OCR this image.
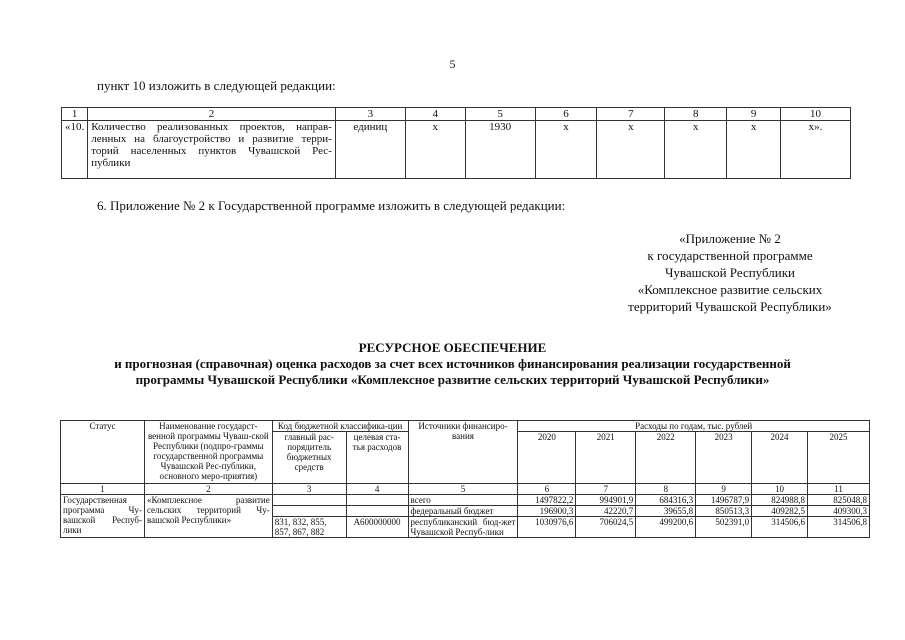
5
пункт 10 изложить в следующей редакции:
1	2	3	4	5	6	7	8	9	10
«10.	Количество реализованных проектов, направ-
ленных на благоустройство и развитие терри-
торий населенных пунктов Чувашской Рес-
публики	единиц	x	1930	x	x	x	x	x».
6. Приложение № 2 к Государственной программе изложить в следующей редакции:
«Приложение № 2
к государственной программе
Чувашской Республики
«Комплексное развитие сельских
территорий Чувашской Республики»
РЕСУРСНОЕ ОБЕСПЕЧЕНИЕ
и прогнозная (справочная) оценка расходов за счет всех источников финансирования реализации государственной
программы Чувашской Республики «Комплексное развитие сельских территорий Чувашской Республики»
Статус	Наименование государст-венной программы Чуваш-ской Республики (подпро-граммы государственной программы Чувашской Рес-публики, основного меро-приятия)	Код бюджетной классифика-ции		Источники финансиро-вания	Расходы по годам, тыс. рублей					
		главный рас-порядитель бюджетных средств	целевая ста-тья расходов		2020	2021	2022	2023	2024	2025
1	2	3	4	5	6	7	8	9	10	11
Государственная программа Чу-вашской Респуб-лики	«Комплексное развитие сельских территорий Чу-вашской Республики»			всего	1497822,2	994901,9	684316,3	1496787,9	824988,8	825048,8
				федеральный бюджет	196900,3	42220,7	39655,8	850513,3	409282,5	409300,3
		831, 832, 855, 857, 867, 882	А600000000	республиканский бюд-жет Чувашской Респуб-лики	1030976,6	706024,5	499200,6	502391,0	314506,6	314506,8
